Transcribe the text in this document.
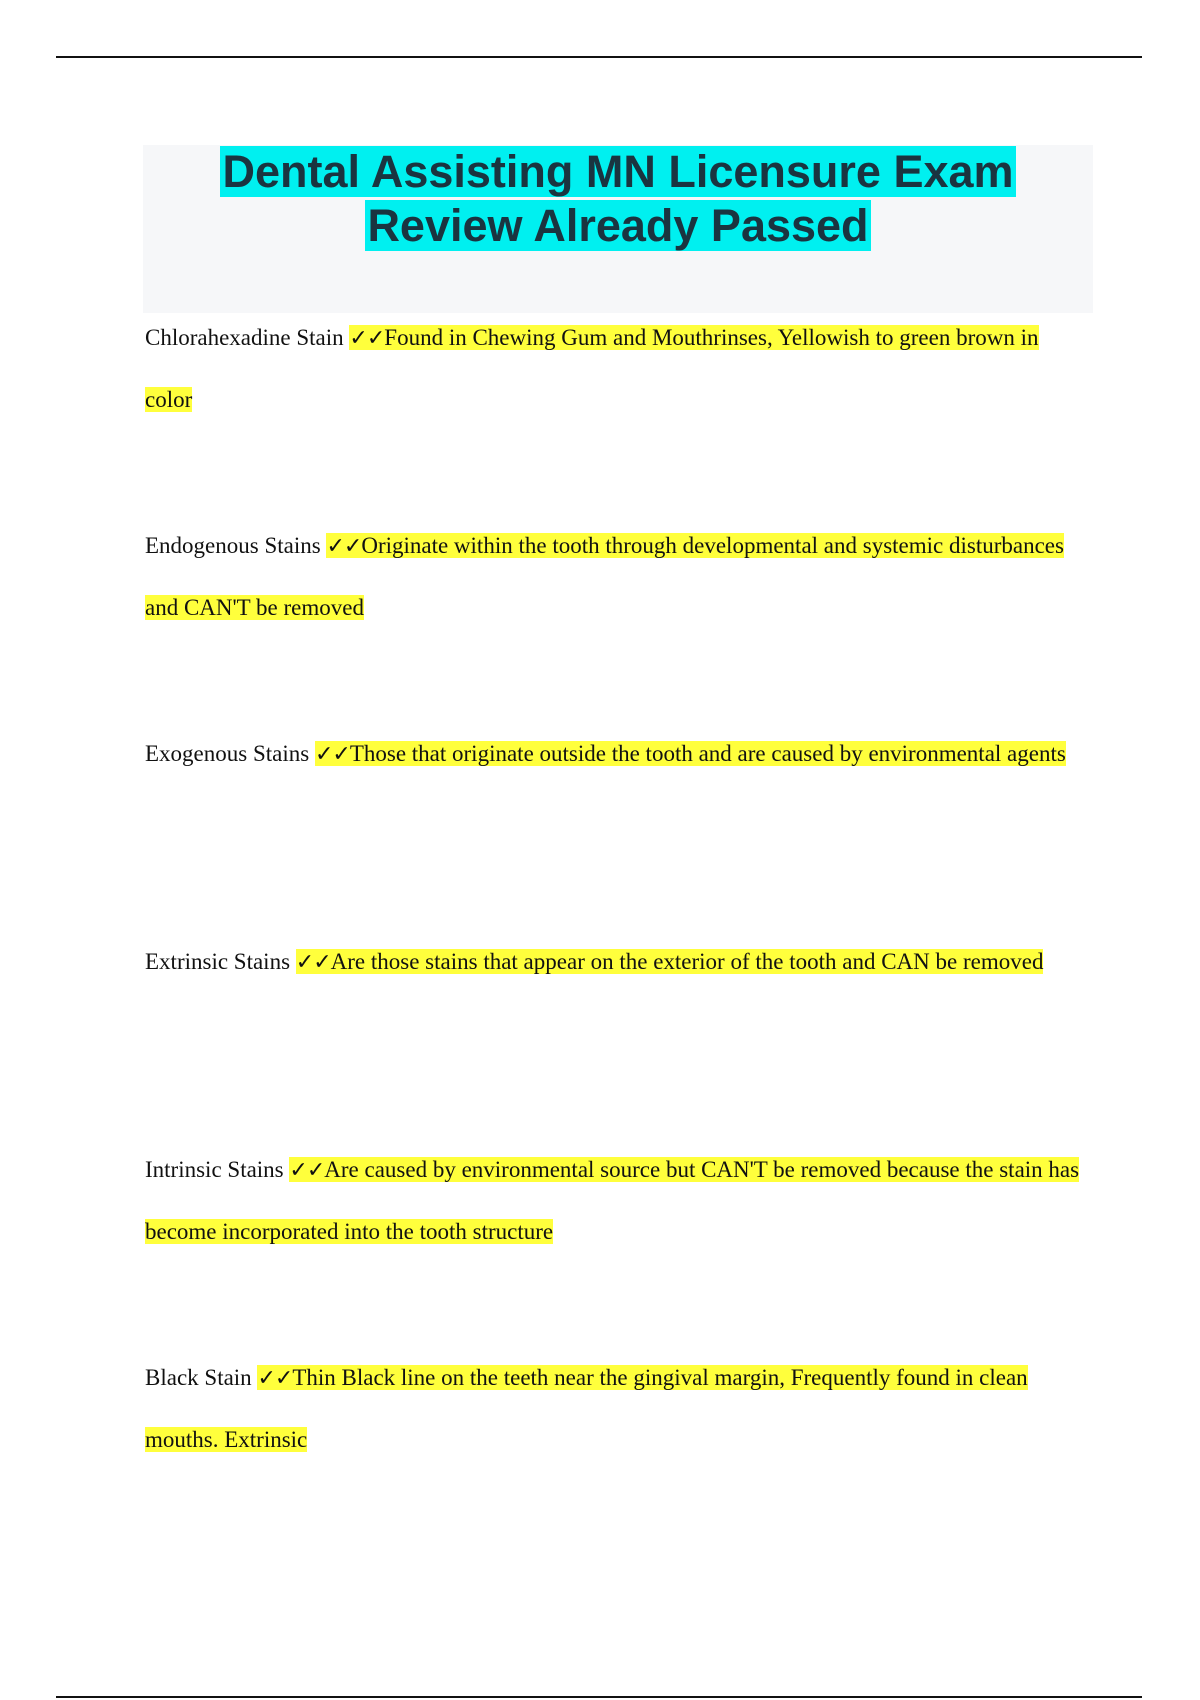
Dental Assisting MN Licensure Exam
Review Already Passed
Chlorahexadine Stain ✓✓Found in Chewing Gum and Mouthrinses, Yellowish to green brown in color
Endogenous Stains ✓✓Originate within the tooth through developmental and systemic disturbances and CAN'T be removed
Exogenous Stains ✓✓Those that originate outside the tooth and are caused by environmental agents
Extrinsic Stains ✓✓Are those stains that appear on the exterior of the tooth and CAN be removed
Intrinsic Stains ✓✓Are caused by environmental source but CAN'T be removed because the stain has become incorporated into the tooth structure
Black Stain ✓✓Thin Black line on the teeth near the gingival margin, Frequently found in clean mouths. Extrinsic
